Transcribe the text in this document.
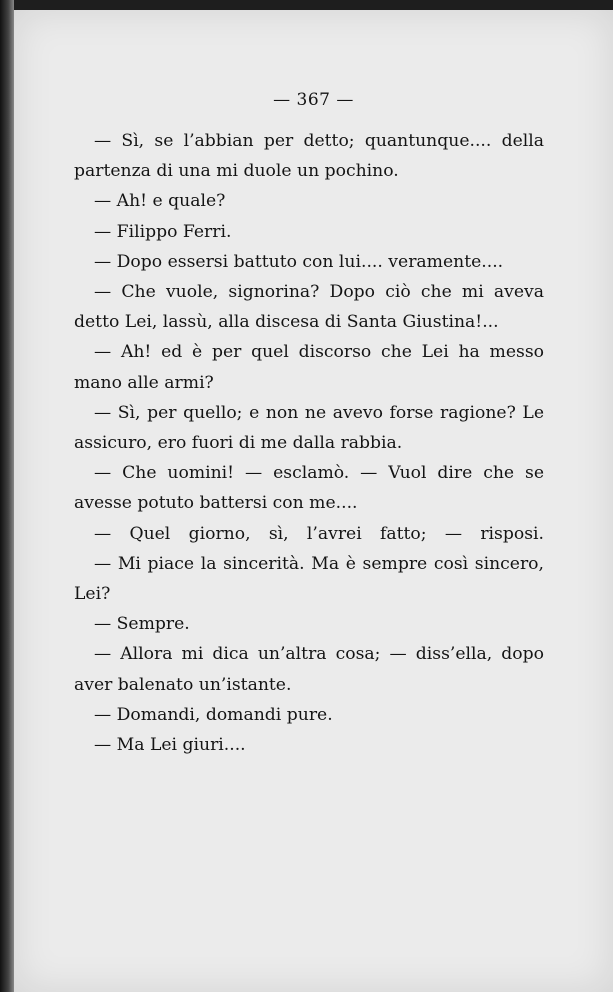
— 367 —

— Sì, se l’abbian per detto; quantunque.... della partenza di una mi duole un pochino.

— Ah! e quale?

— Filippo Ferri.

— Dopo essersi battuto con lui.... veramente....

— Che vuole, signorina? Dopo ciò che mi aveva detto Lei, lassù, alla discesa di Santa Giustina!...

— Ah! ed è per quel discorso che Lei ha messo mano alle armi?

— Sì, per quello; e non ne avevo forse ragione? Le assicuro, ero fuori di me dalla rabbia.

— Che uomini! — esclamò. — Vuol dire che se avesse potuto battersi con me....

— Quel giorno, sì, l’avrei fatto; — risposi.

— Mi piace la sincerità. Ma è sempre così sincero, Lei?

— Sempre.

— Allora mi dica un’altra cosa; — diss’ella, dopo aver balenato un’istante.

— Domandi, domandi pure.

— Ma Lei giuri....
